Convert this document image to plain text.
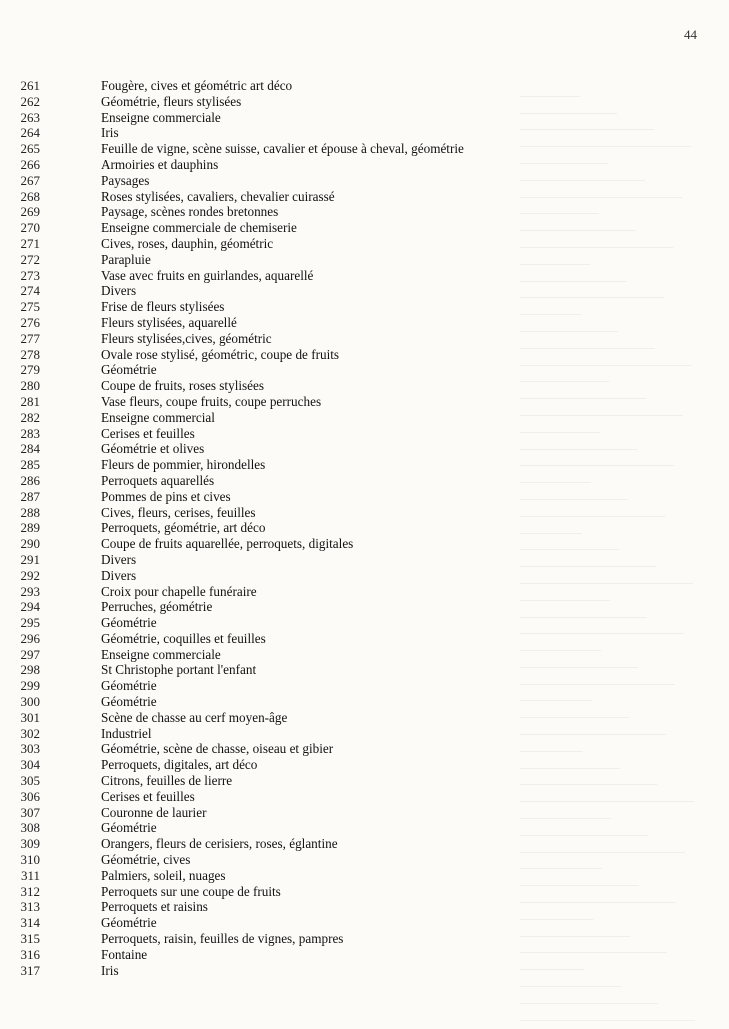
44
261	Fougère, cives et géométric art déco
262	Géométrie, fleurs stylisées
263	Enseigne commerciale
264	Iris
265	Feuille de vigne, scène suisse, cavalier et épouse à cheval, géométrie
266	Armoiries et dauphins
267	Paysages
268	Roses stylisées, cavaliers, chevalier cuirassé
269	Paysage, scènes rondes bretonnes
270	Enseigne commerciale de chemiserie
271	Cives, roses, dauphin, géométric
272	Parapluie
273	Vase avec fruits en guirlandes, aquarellé
274	Divers
275	Frise de fleurs stylisées
276	Fleurs stylisées, aquarellé
277	Fleurs stylisées,cives, géométric
278	Ovale rose stylisé, géométric, coupe de fruits
279	Géométrie
280	Coupe de fruits, roses stylisées
281	Vase fleurs, coupe fruits, coupe perruches
282	Enseigne commercial
283	Cerises et feuilles
284	Géométrie et olives
285	Fleurs de pommier, hirondelles
286	Perroquets aquarellés
287	Pommes de pins et cives
288	Cives, fleurs, cerises, feuilles
289	Perroquets, géométrie, art déco
290	Coupe de fruits aquarellée, perroquets, digitales
291	Divers
292	Divers
293	Croix pour chapelle funéraire
294	Perruches, géométrie
295	Géométrie
296	Géométrie, coquilles et feuilles
297	Enseigne commerciale
298	St Christophe portant l'enfant
299	Géométrie
300	Géométrie
301	Scène de chasse au cerf moyen-âge
302	Industriel
303	Géométrie, scène de chasse, oiseau et gibier
304	Perroquets, digitales, art déco
305	Citrons, feuilles de lierre
306	Cerises et feuilles
307	Couronne de laurier
308	Géométrie
309	Orangers, fleurs de cerisiers, roses, églantine
310	Géométrie, cives
311	Palmiers, soleil, nuages
312	Perroquets sur une coupe de fruits
313	Perroquets et raisins
314	Géométrie
315	Perroquets, raisin, feuilles de vignes, pampres
316	Fontaine
317	Iris
